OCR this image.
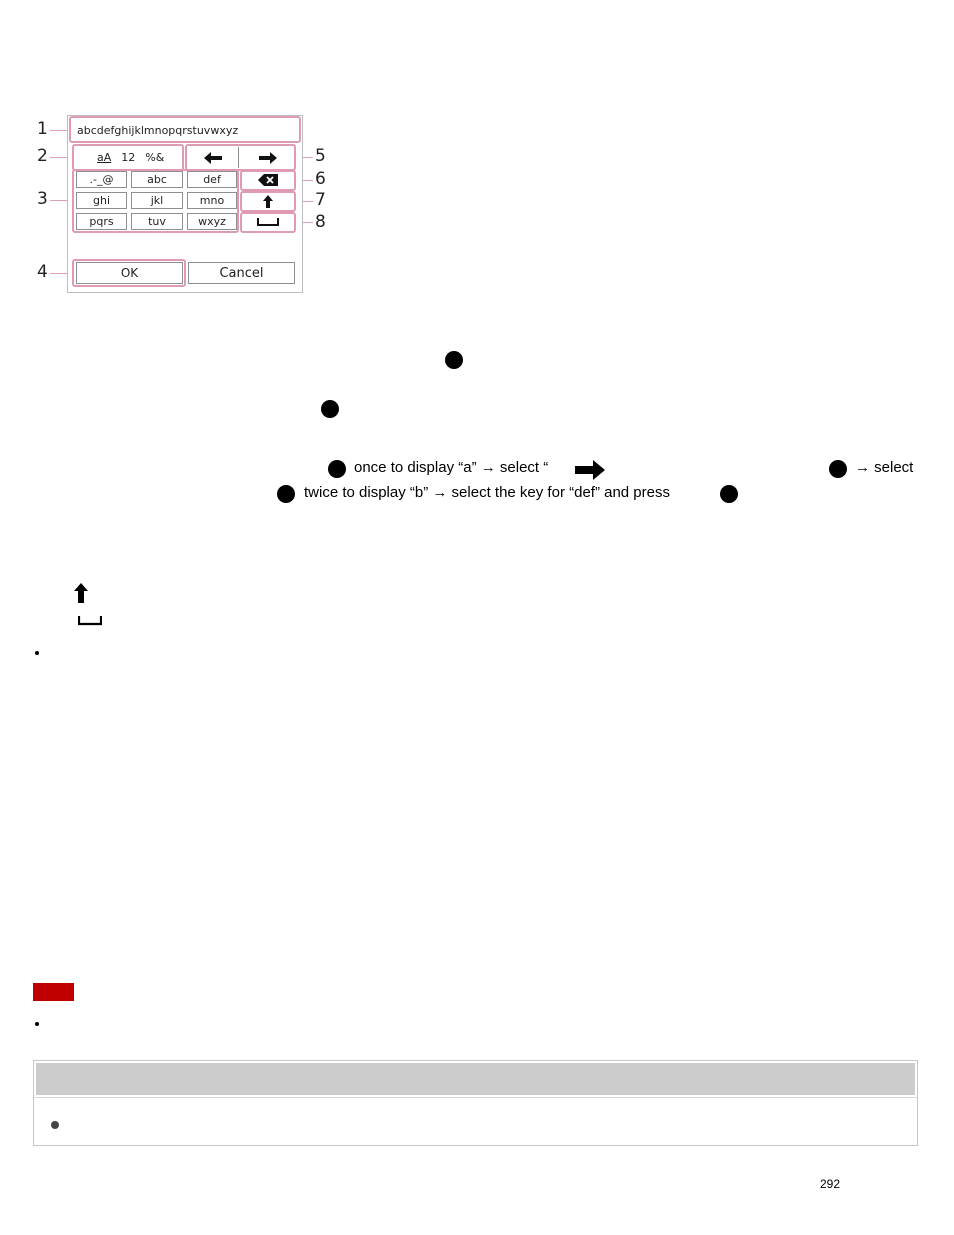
1
2
3
4
5
6
7
8
abcdefghijklmnopqrstuvwxyz
aA 12 %&
.-_@	abc	def
ghi	jkl	mno
pqrs	tuv	wxyz
OK	Cancel
once to display “a” → select “	→ select
twice to display “b” → select the key for “def” and press
292
